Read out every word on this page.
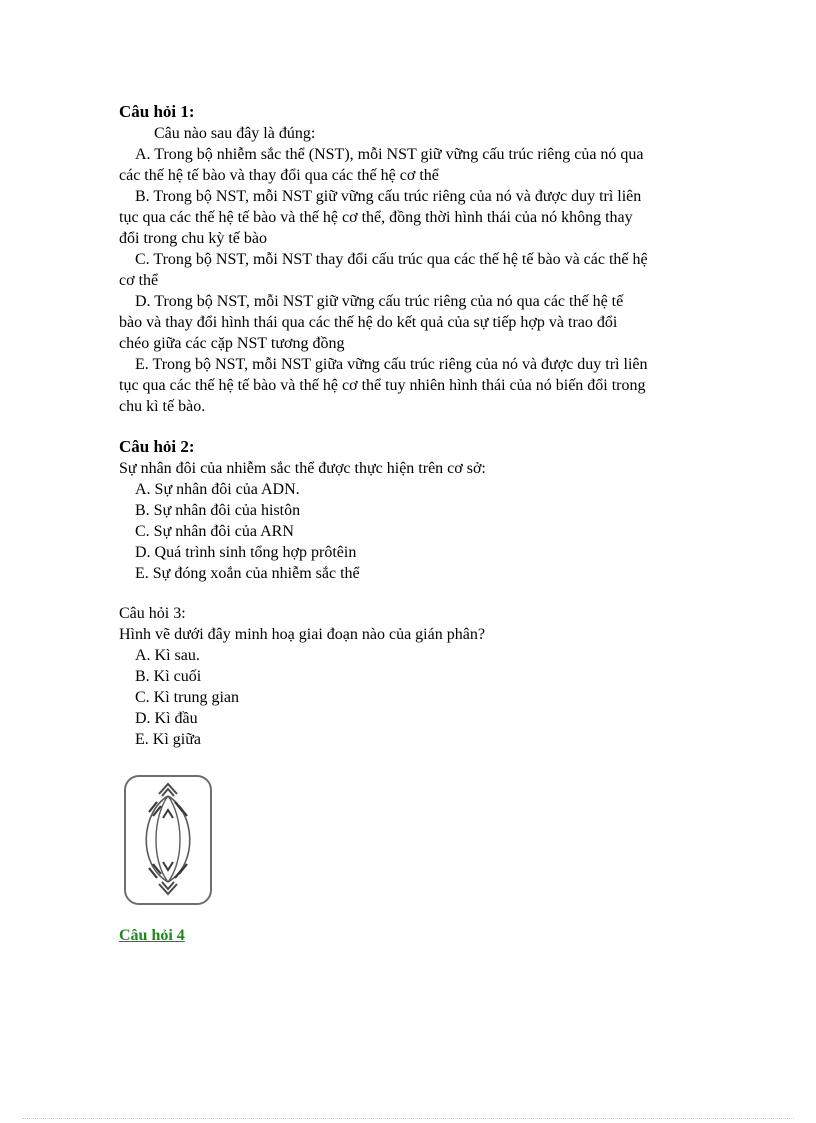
Câu hỏi 1:
Câu nào sau đây là đúng:
A. Trong bộ nhiễm sắc thể (NST), mỗi NST giữ vững cấu trúc riêng của nó qua
các thế hệ tế bào và thay đổi qua các thế hệ cơ thể
B. Trong bộ NST, mỗi NST giữ vững cấu trúc riêng của nó và được duy trì liên
tục qua các thế hệ tế bào và thế hệ cơ thể, đồng thời hình thái của nó không thay
đổi trong chu kỳ tế bào
C. Trong bộ NST, mỗi NST thay đổi cấu trúc qua các thế hệ tế bào và các thế hệ
cơ thể
D. Trong bộ NST, mỗi NST giữ vững cấu trúc riêng của nó qua các thế hệ tế
bào và thay đổi hình thái qua các thế hệ do kết quả của sự tiếp hợp và trao đổi
chéo giữa các cặp NST tương đồng
E. Trong bộ NST, mỗi NST giữa vững cấu trúc riêng của nó và được duy trì liên
tục qua các thế hệ tế bào và thế hệ cơ thể tuy nhiên hình thái của nó biến đổi trong
chu kì tế bào.
Câu hỏi 2:
Sự nhân đôi của nhiễm sắc thể được thực hiện trên cơ sở:
A. Sự nhân đôi của ADN.
B. Sự nhân đôi của histôn
C. Sự nhân đôi của ARN
D. Quá trình sinh tổng hợp prôtêin
E. Sự đóng xoắn của nhiễm sắc thể
Câu hỏi 3:
Hình vẽ dưới đây minh hoạ giai đoạn nào của gián phân?
A. Kì sau.
B. Kì cuối
C. Kì trung gian
D. Kì đầu
E. Kì giữa
Câu hỏi 4
